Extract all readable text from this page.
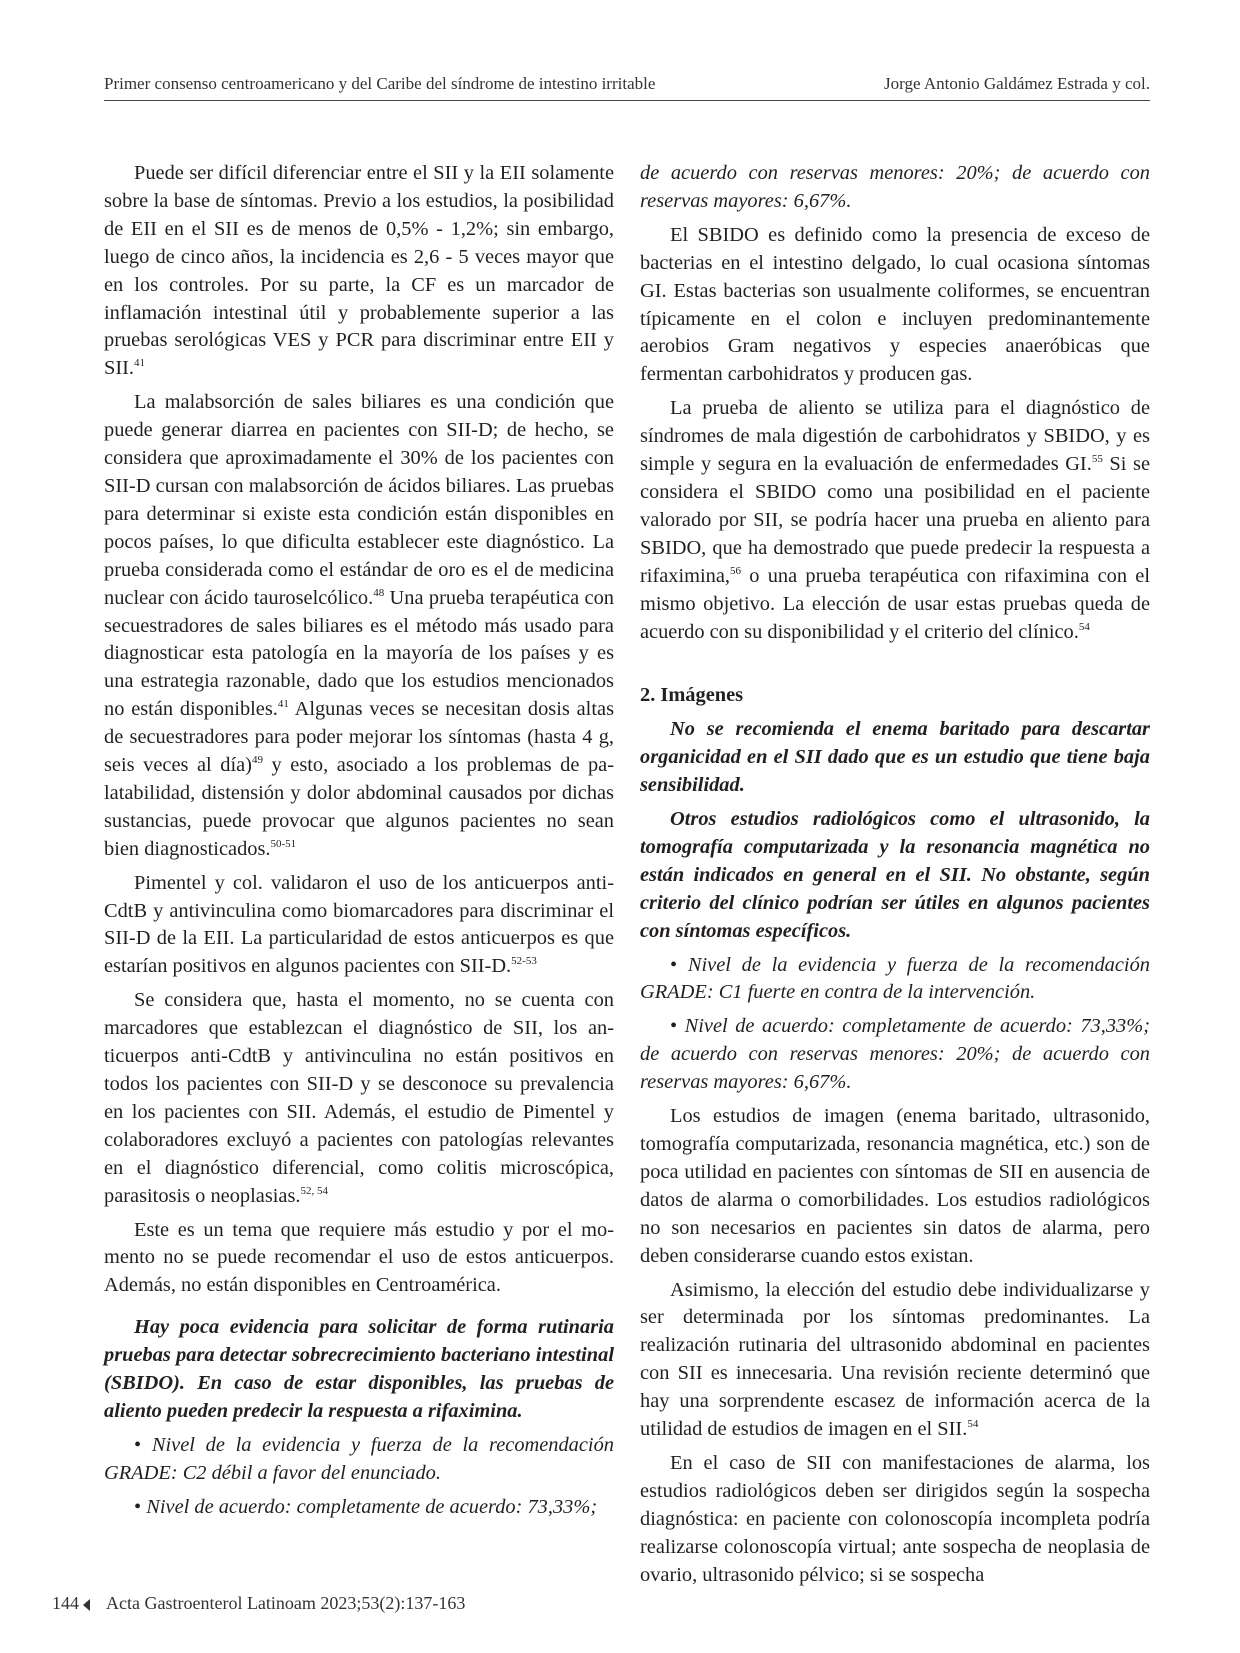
Primer consenso centroamericano y del Caribe del síndrome de intestino irritable	Jorge Antonio Galdámez Estrada y col.

Puede ser difícil diferenciar entre el SII y la EII solamente sobre la base de síntomas. Previo a los estudios, la posibilidad de EII en el SII es de menos de 0,5% - 1,2%; sin embargo, luego de cinco años, la incidencia es 2,6 - 5 veces mayor que en los controles. Por su parte, la CF es un marcador de inflamación intestinal útil y probablemente superior a las pruebas serológicas VES y PCR para discriminar entre EII y SII.$^{41}$

La malabsorción de sales biliares es una condición que puede generar diarrea en pacientes con SII-D; de hecho, se considera que aproximadamente el 30% de los pacientes con SII-D cursan con malabsorción de ácidos biliares. Las pruebas para determinar si existe esta condición están disponibles en pocos países, lo que dificulta establecer este diagnóstico. La prueba considerada como el estándar de oro es el de medicina nuclear con ácido tauroselcólico.$^{48}$ Una prueba terapéutica con secuestradores de sales biliares es el método más usado para diagnosticar esta patología en la mayoría de los países y es una estrategia razonable, dado que los estudios mencionados no están disponibles.$^{41}$ Algunas veces se necesitan dosis altas de secuestradores para poder mejorar los síntomas (hasta 4 g, seis veces al día)$^{49}$ y esto, asociado a los problemas de palatabilidad, distensión y dolor abdominal causados por dichas sustancias, puede provocar que algunos pacientes no sean bien diagnosticados.$^{50-51}$

Pimentel y col. validaron el uso de los anticuerpos anti-CdtB y antivinculina como biomarcadores para discriminar el SII-D de la EII. La particularidad de estos anticuerpos es que estarían positivos en algunos pacientes con SII-D.$^{52-53}$

Se considera que, hasta el momento, no se cuenta con marcadores que establezcan el diagnóstico de SII, los anticuerpos anti-CdtB y antivinculina no están positivos en todos los pacientes con SII-D y se desconoce su prevalencia en los pacientes con SII. Además, el estudio de Pimentel y colaboradores excluyó a pacientes con patologías relevantes en el diagnóstico diferencial, como colitis microscópica, parasitosis o neoplasias.$^{52, 54}$

Este es un tema que requiere más estudio y por el momento no se puede recomendar el uso de estos anticuerpos. Además, no están disponibles en Centroamérica.

Hay poca evidencia para solicitar de forma rutinaria pruebas para detectar sobrecrecimiento bacteriano intestinal (SBIDO). En caso de estar disponibles, las pruebas de aliento pueden predecir la respuesta a rifaximina.

• Nivel de la evidencia y fuerza de la recomendación GRADE: C2 débil a favor del enunciado.

• Nivel de acuerdo: completamente de acuerdo: 73,33%;

de acuerdo con reservas menores: 20%; de acuerdo con reservas mayores: 6,67%.

El SBIDO es definido como la presencia de exceso de bacterias en el intestino delgado, lo cual ocasiona síntomas GI. Estas bacterias son usualmente coliformes, se encuentran típicamente en el colon e incluyen predominantemente aerobios Gram negativos y especies anaeróbicas que fermentan carbohidratos y producen gas.

La prueba de aliento se utiliza para el diagnóstico de síndromes de mala digestión de carbohidratos y SBIDO, y es simple y segura en la evaluación de enfermedades GI.$^{55}$ Si se considera el SBIDO como una posibilidad en el paciente valorado por SII, se podría hacer una prueba en aliento para SBIDO, que ha demostrado que puede predecir la respuesta a rifaximina,$^{56}$ o una prueba terapéutica con rifaximina con el mismo objetivo. La elección de usar estas pruebas queda de acuerdo con su disponibilidad y el criterio del clínico.$^{54}$

2. Imágenes

No se recomienda el enema baritado para descartar organicidad en el SII dado que es un estudio que tiene baja sensibilidad.

Otros estudios radiológicos como el ultrasonido, la tomografía computarizada y la resonancia magnética no están indicados en general en el SII. No obstante, según criterio del clínico podrían ser útiles en algunos pacientes con síntomas específicos.

• Nivel de la evidencia y fuerza de la recomendación GRADE: C1 fuerte en contra de la intervención.

• Nivel de acuerdo: completamente de acuerdo: 73,33%; de acuerdo con reservas menores: 20%; de acuerdo con reservas mayores: 6,67%.

Los estudios de imagen (enema baritado, ultrasonido, tomografía computarizada, resonancia magnética, etc.) son de poca utilidad en pacientes con síntomas de SII en ausencia de datos de alarma o comorbilidades. Los estudios radiológicos no son necesarios en pacientes sin datos de alarma, pero deben considerarse cuando estos existan.

Asimismo, la elección del estudio debe individualizarse y ser determinada por los síntomas predominantes. La realización rutinaria del ultrasonido abdominal en pacientes con SII es innecesaria. Una revisión reciente determinó que hay una sorprendente escasez de información acerca de la utilidad de estudios de imagen en el SII.$^{54}$

En el caso de SII con manifestaciones de alarma, los estudios radiológicos deben ser dirigidos según la sospecha diagnóstica: en paciente con colonoscopía incompleta podría realizarse colonoscopía virtual; ante sospecha de neoplasia de ovario, ultrasonido pélvico; si se sospecha

144 Acta Gastroenterol Latinoam 2023;53(2):137-163
